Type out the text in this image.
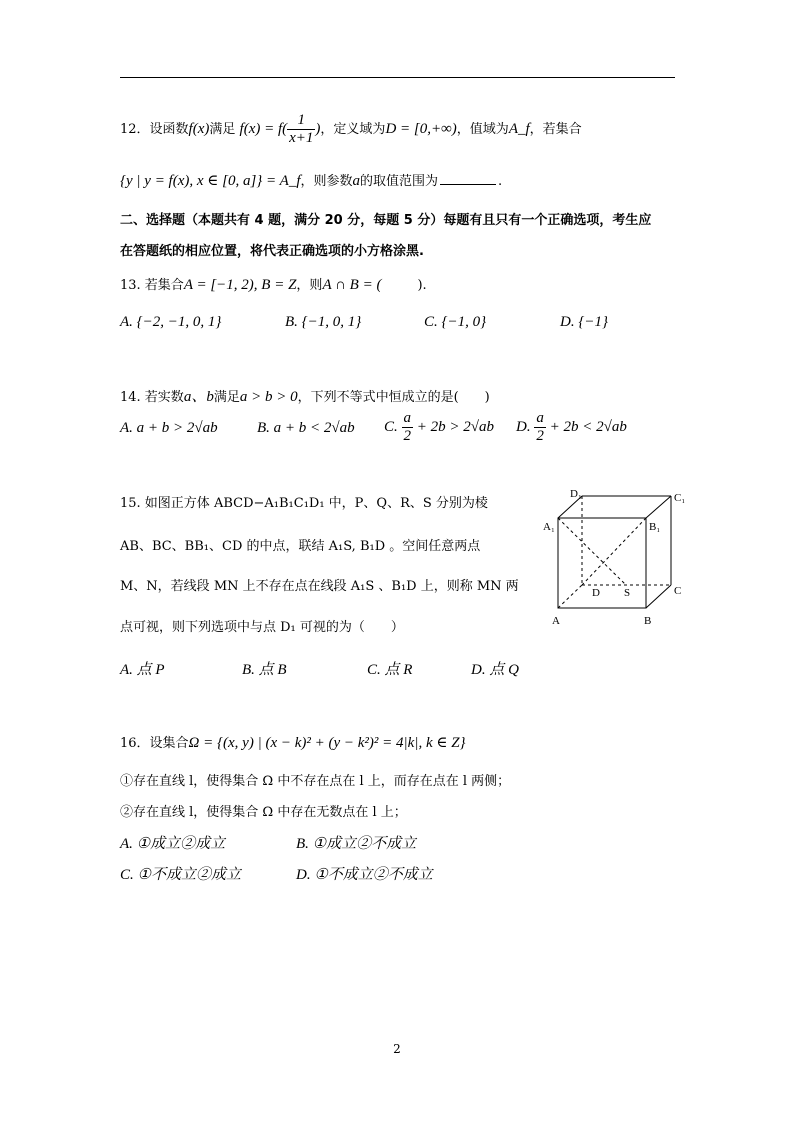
12．设函数f(x)满足 $f(x) = f( \frac{1}{x+1}$ )，定义域为D = [0,+∞)，值域为A_f，若集合
{y | y = f(x), x ∈ [0, a]} = A_f，则参数a的取值范围为	.
二、选择题（本题共有 4 题，满分 20 分，每题 5 分）每题有且只有一个正确选项，考生应
在答题纸的相应位置，将代表正确选项的小方格涂黑.
13. 若集合A = [−1, 2), B = Z，则A ∩ B = (	).
A. {−2, −1, 0, 1}	B. {−1, 0, 1}	C. {−1, 0}	D. {−1}
14. 若实数a、b满足a > b > 0，下列不等式中恒成立的是(　　)
A. a + b > 2√ab	B. a + b < 2√ab C. $\frac{a}{2} + 2b > 2√ab$ D. $\frac{a}{2} + 2b < 2√ab$
15. 如图正方体 ABCD−A₁B₁C₁D₁ 中，P、Q、R、S 分别为棱
AB、BC、BB₁、CD 的中点，联结 A₁S, B₁D 。空间任意两点
M、N，若线段 MN 上不存在点在线段 A₁S 、B₁D 上，则称 MN 两
点可视，则下列选项中与点 D₁ 可视的为（　　）
D₁	C₁
A₁	B₁
D S	C
A	B
A. 点 P	B. 点 B	C. 点 R	D. 点 Q
16．设集合Ω = {(x, y) | (x − k)² + (y − k²)² = 4|k|, k ∈ Z}
①存在直线 l，使得集合 Ω 中不存在点在 l 上，而存在点在 l 两侧；
②存在直线 l，使得集合 Ω 中存在无数点在 l 上；
A. ①成立②成立	B. ①成立②不成立
C. ①不成立②成立	D. ①不成立②不成立
2
